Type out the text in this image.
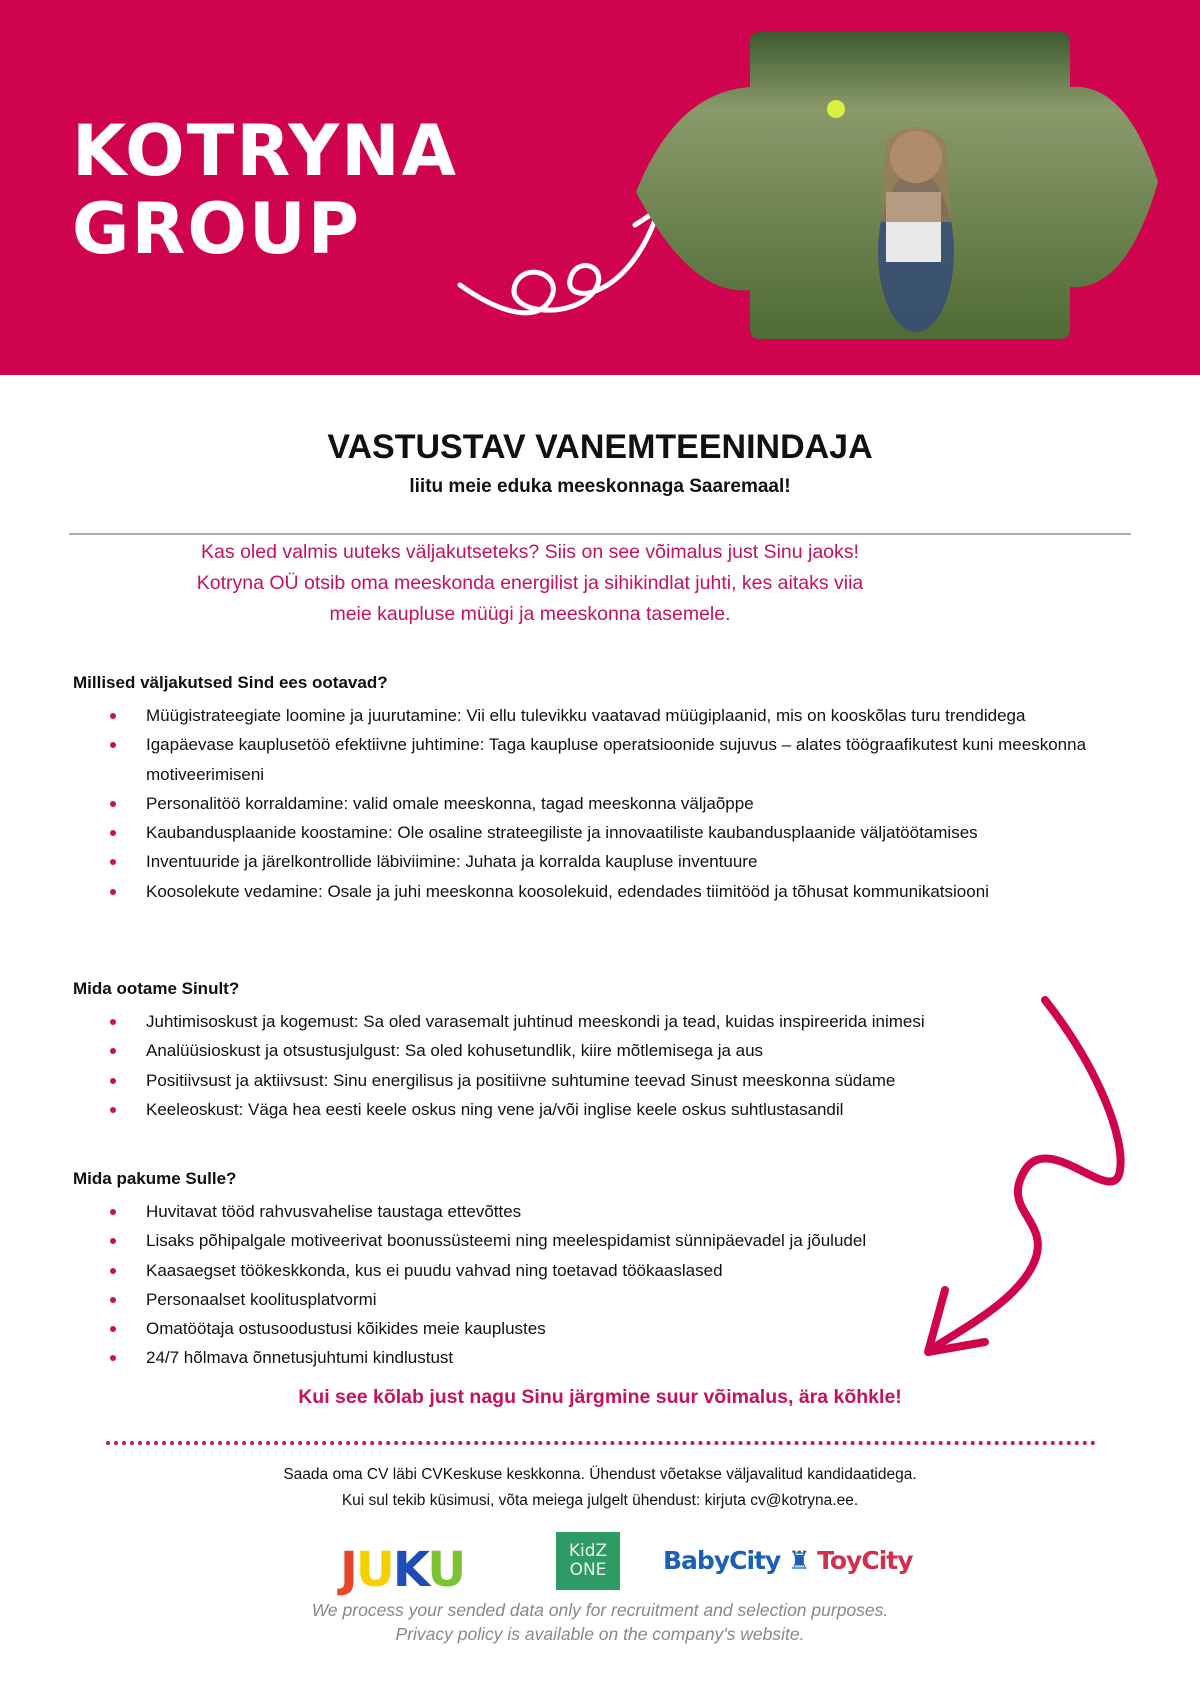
KOTRYNA
GROUP
VASTUSTAV VANEMTEENINDAJA
liitu meie eduka meeskonnaga Saaremaal!
Kas oled valmis uuteks väljakutseteks? Siis on see võimalus just Sinu jaoks!
Kotryna OÜ otsib oma meeskonda energilist ja sihikindlat juhti, kes aitaks viia
meie kaupluse müügi ja meeskonna tasemele.
Millised väljakutsed Sind ees ootavad?
Müügistrateegiate loomine ja juurutamine: Vii ellu tulevikku vaatavad müügiplaanid, mis on kooskõlas turu trendidega
Igapäevase kauplusetöö efektiivne juhtimine: Taga kaupluse operatsioonide sujuvus – alates töögraafikutest kuni meeskonna motiveerimiseni
Personalitöö korraldamine: valid omale meeskonna, tagad meeskonna väljaõppe
Kaubandusplaanide koostamine: Ole osaline strateegiliste ja innovaatiliste kaubandusplaanide väljatöötamises
Inventuuride ja järelkontrollide läbiviimine: Juhata ja korralda kaupluse inventuure
Koosolekute vedamine: Osale ja juhi meeskonna koosolekuid, edendades tiimitööd ja tõhusat kommunikatsiooni
Mida ootame Sinult?
Juhtimisoskust ja kogemust: Sa oled varasemalt juhtinud meeskondi ja tead, kuidas inspireerida inimesi
Analüüsioskust ja otsustusjulgust: Sa oled kohusetundlik, kiire mõtlemisega ja aus
Positiivsust ja aktiivsust: Sinu energilisus ja positiivne suhtumine teevad Sinust meeskonna südame
Keeleoskust: Väga hea eesti keele oskus ning vene ja/või inglise keele oskus suhtlustasandil
Mida pakume Sulle?
Huvitavat tööd rahvusvahelise taustaga ettevõttes
Lisaks põhipalgale motiveerivat boonussüsteemi ning meelespidamist sünnipäevadel ja jõuludel
Kaasaegset töökeskkonda, kus ei puudu vahvad ning toetavad töökaaslased
Personaalset koolitusplatvormi
Omatöötaja ostusoodustusi kõikides meie kauplustes
24/7 hõlmava õnnetusjuhtumi kindlustust
Kui see kõlab just nagu Sinu järgmine suur võimalus, ära kõhkle!
Saada oma CV läbi CVKeskuse keskkonna. Ühendust võetakse väljavalitud kandidaatidega.
Kui sul tekib küsimusi, võta meiega julgelt ühendust: kirjuta cv@kotryna.ee.
JUKU	KidZ
ONE	BabyCity ♜ ToyCity
We process your sended data only for recruitment and selection purposes.
Privacy policy is available on the company's website.
